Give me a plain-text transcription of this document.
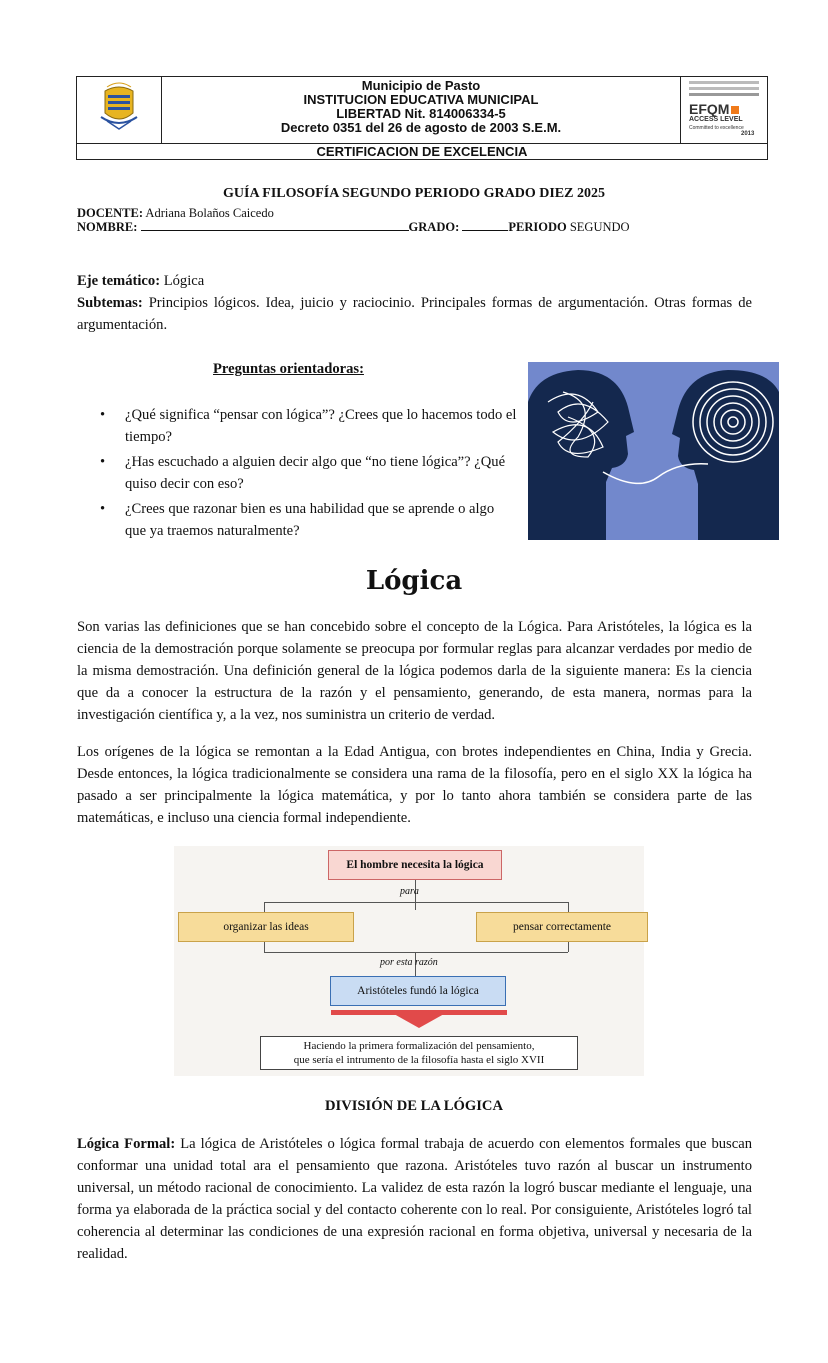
Municipio de Pasto
INSTITUCION EDUCATIVA MUNICIPAL
LIBERTAD Nit. 814006334-5
Decreto 0351 del 26 de agosto de 2003 S.E.M.
EFQM
ACCESS LEVEL
Committed to excellence
2013
CERTIFICACION DE EXCELENCIA
GUÍA FILOSOFÍA SEGUNDO PERIODO GRADO DIEZ 2025
DOCENTE: Adriana Bolaños Caicedo
NOMBRE:	GRADO:	PERIODO SEGUNDO
Eje temático: Lógica
Subtemas: Principios lógicos. Idea, juicio y raciocinio. Principales formas de argumentación. Otras formas de argumentación.
Preguntas orientadoras:
• ¿Qué significa “pensar con lógica”? ¿Crees que lo hacemos todo el tiempo?
• ¿Has escuchado a alguien decir algo que “no tiene lógica”? ¿Qué quiso decir con eso?
• ¿Crees que razonar bien es una habilidad que se aprende o algo que ya traemos naturalmente?
Lógica
Son varias las definiciones que se han concebido sobre el concepto de la Lógica. Para Aristóteles, la lógica es la ciencia de la demostración porque solamente se preocupa por formular reglas para alcanzar verdades por medio de la misma demostración. Una definición general de la lógica podemos darla de la siguiente manera: Es la ciencia que da a conocer la estructura de la razón y el pensamiento, generando, de esta manera, normas para la investigación científica y, a la vez, nos suministra un criterio de verdad.
Los orígenes de la lógica se remontan a la Edad Antigua, con brotes independientes en China, India y Grecia. Desde entonces, la lógica tradicionalmente se considera una rama de la filosofía, pero en el siglo XX la lógica ha pasado a ser principalmente la lógica matemática, y por lo tanto ahora también se considera parte de las matemáticas, e incluso una ciencia formal independiente.
El hombre necesita la lógica
para
organizar las ideas	pensar correctamente
por esta razón
Aristóteles fundó la lógica
Haciendo la primera formalización del pensamiento,
que sería el intrumento de la filosofía hasta el siglo XVII
DIVISIÓN DE LA LÓGICA
Lógica Formal: La lógica de Aristóteles o lógica formal trabaja de acuerdo con elementos formales que buscan conformar una unidad total ara el pensamiento que razona. Aristóteles tuvo razón al buscar un instrumento universal, un método racional de conocimiento. La validez de esta razón la logró buscar mediante el lenguaje, una forma ya elaborada de la práctica social y del contacto coherente con lo real. Por consiguiente, Aristóteles logró tal coherencia al determinar las condiciones de una expresión racional en forma objetiva, universal y necesaria de la realidad.
